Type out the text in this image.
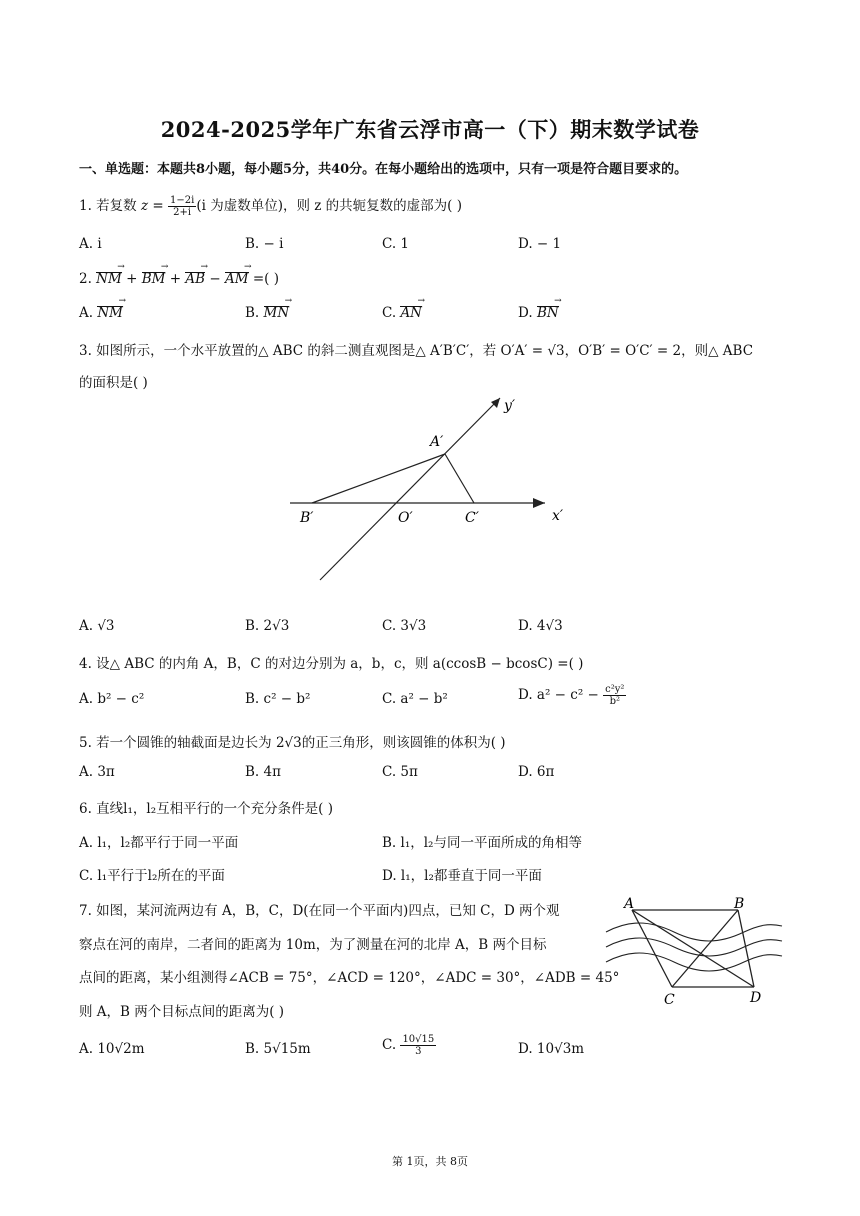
2024-2025学年广东省云浮市高一（下）期末数学试卷
一、单选题：本题共8小题，每小题5分，共40分。在每小题给出的选项中，只有一项是符合题目要求的。
1. 若复数 $z = \frac{1-2i}{2+i} (i$ 为虚数单位)，则 z 的共轭复数的虚部为( )
A. i	B. − i	C. 1	D. − 1
2. NM → + BM → + AB → − AM → =( )
A. NM →	B. MN →	C. AN →	D. BN →
3. 如图所示，一个水平放置的△ ABC 的斜二测直观图是△ A′B′C′，若 O′A′ = √3，O′B′ = O′C′ = 2，则△ ABC
的面积是( )
A′
B′	O′	C′	x′
y′
A. √3	B. 2√3	C. 3√3	D. 4√3
4. 设△ ABC 的内角 A，B，C 的对边分别为 a，b，c，则 a(ccosB − bcosC) =( )
A. b² − c²	B. c² − b²	C. a² − b²	D. $a^2 - c^2 - \frac{\text{c²y²}}{\text{b²}}$
5. 若一个圆锥的轴截面是边长为 2√3的正三角形，则该圆锥的体积为( )
A. 3π	B. 4π	C. 5π	D. 6π
6. 直线l₁，l₂互相平行的一个充分条件是( )
A. l₁，l₂都平行于同一平面	B. l₁，l₂与同一平面所成的角相等
C. l₁平行于l₂所在的平面	D. l₁，l₂都垂直于同一平面
7. 如图，某河流两边有 A，B，C，D(在同一个平面内)四点，已知 C，D 两个观
察点在河的南岸，二者间的距离为 10m，为了测量在河的北岸 A，B 两个目标
点间的距离，某小组测得∠ACB = 75°，∠ACD = 120°，∠ADC = 30°，∠ADB = 45°
则 A，B 两个目标点间的距离为( )
A	B
C	D
A. 10√2m	B. 5√15m	C. $\frac{10√15}{3}$	D. 10√3m
第 1页，共 8页
